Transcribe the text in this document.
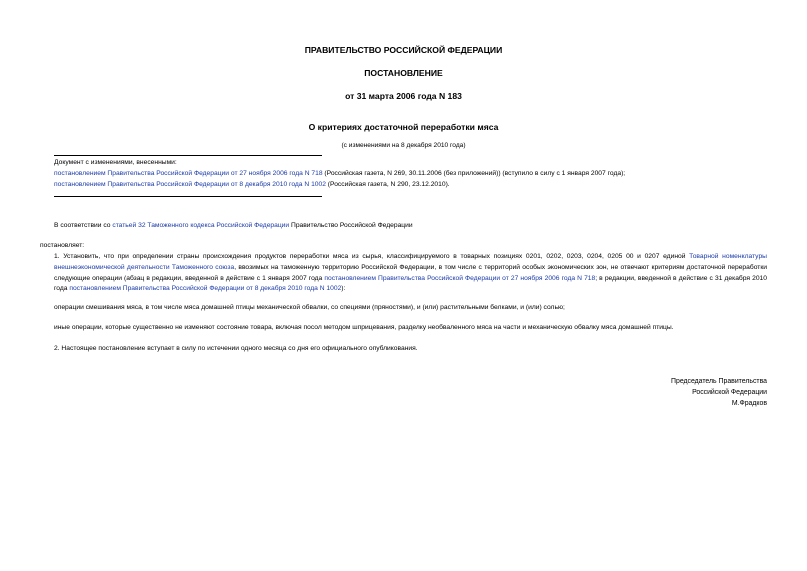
ПРАВИТЕЛЬСТВО РОССИЙСКОЙ ФЕДЕРАЦИИ
ПОСТАНОВЛЕНИЕ
от 31 марта 2006 года N 183
О критериях достаточной переработки мяса
(с изменениями на 8 декабря 2010 года)
Документ с изменениями, внесенными:
постановлением Правительства Российской Федерации от 27 ноября 2006 года N 718 (Российская газета, N 269, 30.11.2006 (без приложений)) (вступило в силу с 1 января 2007 года);
постановлением Правительства Российской Федерации от 8 декабря 2010 года N 1002 (Российская газета, N 290, 23.12.2010).
В соответствии со статьей 32 Таможенного кодекса Российской Федерации Правительство Российской Федерации
постановляет:
1. Установить, что при определении страны происхождения продуктов переработки мяса из сырья, классифицируемого в товарных позициях 0201, 0202, 0203, 0204, 0205 00 и 0207 единой Товарной номенклатуры внешнеэкономической деятельности Таможенного союза, ввозимых на таможенную территорию Российской Федерации, в том числе с территорий особых экономических зон, не отвечают критериям достаточной переработки следующие операции (абзац в редакции, введенной в действие с 1 января 2007 года постановлением Правительства Российской Федерации от 27 ноября 2006 года N 718; в редакции, введенной в действие с 31 декабря 2010 года постановлением Правительства Российской Федерации от 8 декабря 2010 года N 1002):
операции смешивания мяса, в том числе мяса домашней птицы механической обвалки, со специями (пряностями), и (или) растительными белками, и (или) солью;
иные операции, которые существенно не изменяют состояние товара, включая посол методом шприцевания, разделку необваленного мяса на части и механическую обвалку мяса домашней птицы.
2. Настоящее постановление вступает в силу по истечении одного месяца со дня его официального опубликования.
Председатель Правительства
Российской Федерации
М.Фрадков
